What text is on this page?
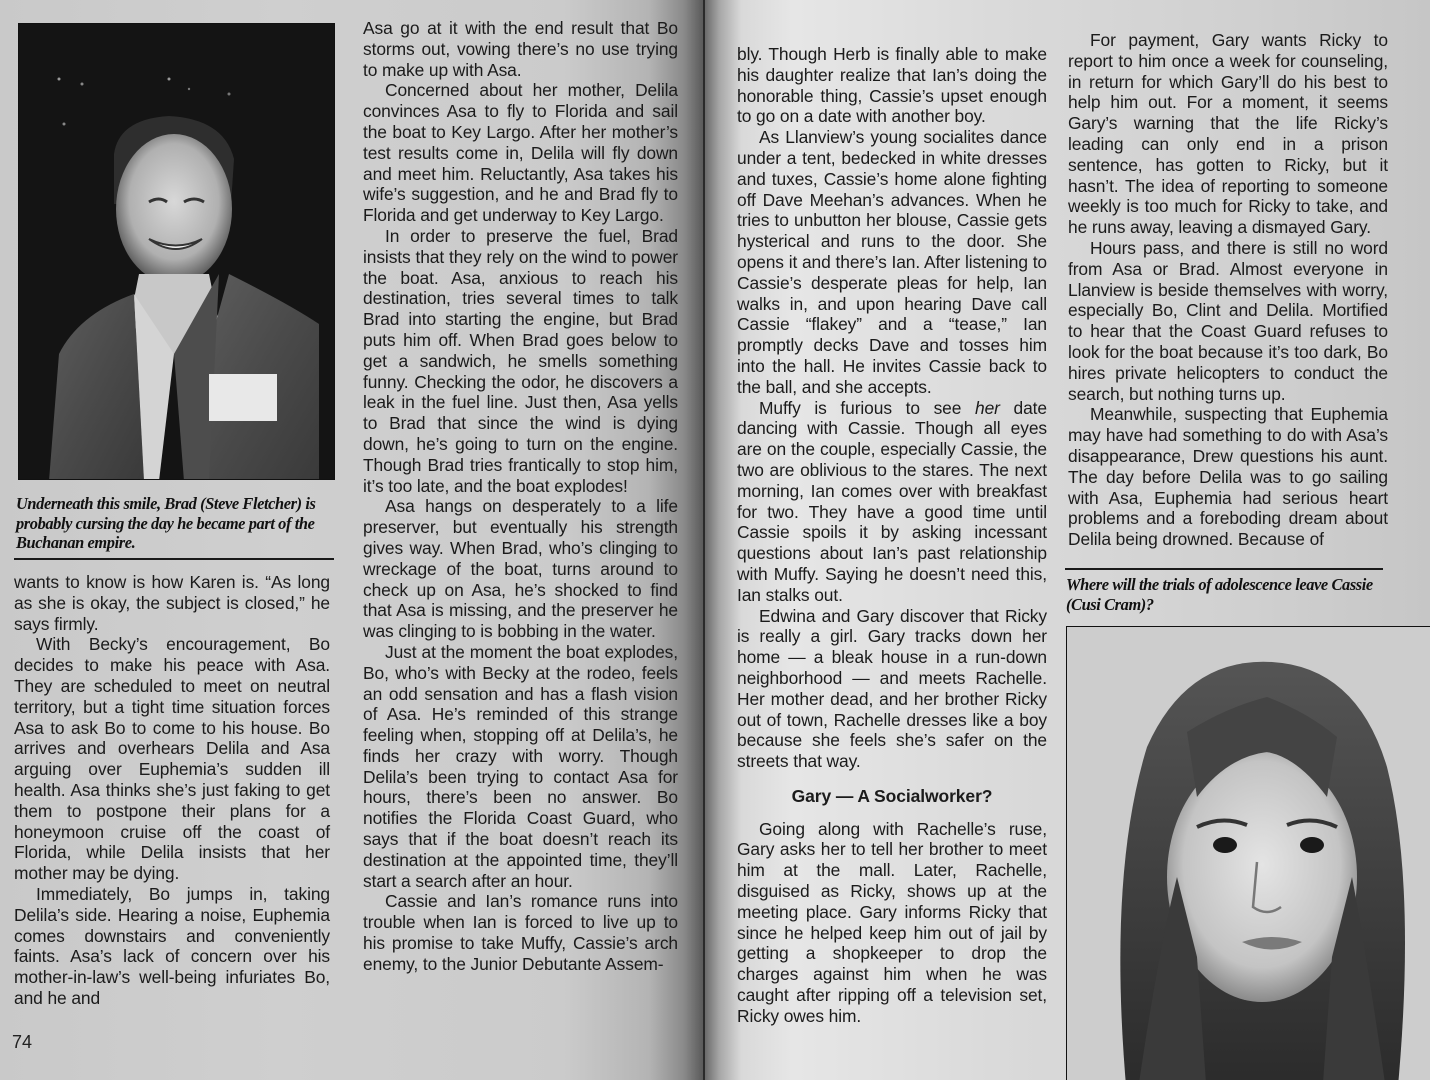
Underneath this smile, Brad (Steve Fletcher) is probably cursing the day he became part of the Buchanan empire.

wants to know is how Karen is. “As long as she is okay, the subject is closed,” he says firmly.

With Becky’s encouragement, Bo decides to make his peace with Asa. They are scheduled to meet on neutral territory, but a tight time situation forces Asa to ask Bo to come to his house. Bo arrives and overhears Delila and Asa arguing over Euphemia’s sudden ill health. Asa thinks she’s just faking to get them to postpone their plans for a honeymoon cruise off the coast of Florida, while Delila insists that her mother may be dying.

Immediately, Bo jumps in, taking Delila’s side. Hearing a noise, Euphemia comes downstairs and conveniently faints. Asa’s lack of concern over his mother-in-law’s well-being infuriates Bo, and he and

Asa go at it with the end result that Bo storms out, vowing there’s no use trying to make up with Asa.

Concerned about her mother, Delila convinces Asa to fly to Florida and sail the boat to Key Largo. After her mother’s test results come in, Delila will fly down and meet him. Reluctantly, Asa takes his wife’s suggestion, and he and Brad fly to Florida and get underway to Key Largo.

In order to preserve the fuel, Brad insists that they rely on the wind to power the boat. Asa, anxious to reach his destination, tries several times to talk Brad into starting the engine, but Brad puts him off. When Brad goes below to get a sandwich, he smells something funny. Checking the odor, he discovers a leak in the fuel line. Just then, Asa yells to Brad that since the wind is dying down, he’s going to turn on the engine. Though Brad tries frantically to stop him, it’s too late, and the boat explodes!

Asa hangs on desperately to a life preserver, but eventually his strength gives way. When Brad, who’s clinging to wreckage of the boat, turns around to check up on Asa, he’s shocked to find that Asa is missing, and the preserver he was clinging to is bobbing in the water.

Just at the moment the boat explodes, Bo, who’s with Becky at the rodeo, feels an odd sensation and has a flash vision of Asa. He’s reminded of this strange feeling when, stopping off at Delila’s, he finds her crazy with worry. Though Delila’s been trying to contact Asa for hours, there’s been no answer. Bo notifies the Florida Coast Guard, who says that if the boat doesn’t reach its destination at the appointed time, they’ll start a search after an hour.

Cassie and Ian’s romance runs into trouble when Ian is forced to live up to his promise to take Muffy, Cassie’s arch enemy, to the Junior Debutante Assem-

74

bly. Though Herb is finally able to make his daughter realize that Ian’s doing the honorable thing, Cassie’s upset enough to go on a date with another boy.

As Llanview’s young socialites dance under a tent, bedecked in white dresses and tuxes, Cassie’s home alone fighting off Dave Meehan’s advances. When he tries to unbutton her blouse, Cassie gets hysterical and runs to the door. She opens it and there’s Ian. After listening to Cassie’s desperate pleas for help, Ian walks in, and upon hearing Dave call Cassie “flakey” and a “tease,” Ian promptly decks Dave and tosses him into the hall. He invites Cassie back to the ball, and she accepts.

Muffy is furious to see her date dancing with Cassie. Though all eyes are on the couple, especially Cassie, the two are oblivious to the stares. The next morning, Ian comes over with breakfast for two. They have a good time until Cassie spoils it by asking incessant questions about Ian’s past relationship with Muffy. Saying he doesn’t need this, Ian stalks out.

Edwina and Gary discover that Ricky is really a girl. Gary tracks down her home — a bleak house in a run-down neighborhood — and meets Rachelle. Her mother dead, and her brother Ricky out of town, Rachelle dresses like a boy because she feels she’s safer on the streets that way.

Gary — A Socialworker?

Going along with Rachelle’s ruse, Gary asks her to tell her brother to meet him at the mall. Later, Rachelle, disguised as Ricky, shows up at the meeting place. Gary informs Ricky that since he helped keep him out of jail by getting a shopkeeper to drop the charges against him when he was caught after ripping off a television set, Ricky owes him.

For payment, Gary wants Ricky to report to him once a week for counseling, in return for which Gary’ll do his best to help him out. For a moment, it seems Gary’s warning that the life Ricky’s leading can only end in a prison sentence, has gotten to Ricky, but it hasn’t. The idea of reporting to someone weekly is too much for Ricky to take, and he runs away, leaving a dismayed Gary.

Hours pass, and there is still no word from Asa or Brad. Almost everyone in Llanview is beside themselves with worry, especially Bo, Clint and Delila. Mortified to hear that the Coast Guard refuses to look for the boat because it’s too dark, Bo hires private helicopters to conduct the search, but nothing turns up.

Meanwhile, suspecting that Euphemia may have had something to do with Asa’s disappearance, Drew questions his aunt. The day before Delila was to go sailing with Asa, Euphemia had serious heart problems and a foreboding dream about Delila being drowned. Because of

Where will the trials of adolescence leave Cassie (Cusi Cram)?
